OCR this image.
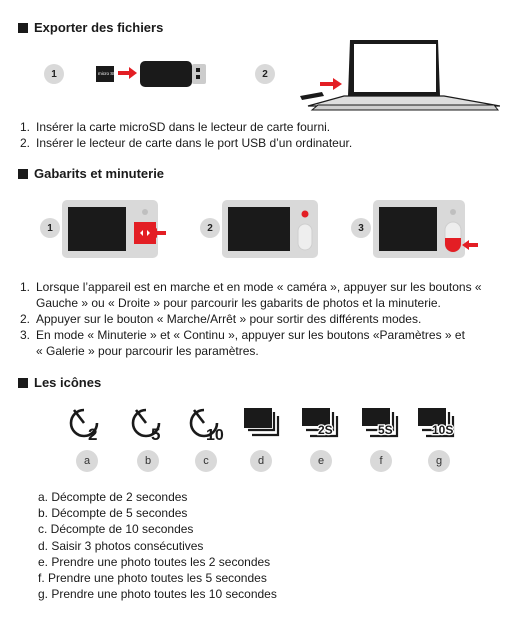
Exporter des fichiers
1	micro SD	2
1. Insérer la carte microSD dans le lecteur de carte fourni.
2. Insérer le lecteur de carte dans le port USB d’un ordinateur.
Gabarits et minuterie
1	2	3
1. Lorsque l’appareil est en marche et en mode « caméra », appuyer sur les boutons «
Gauche » ou « Droite » pour parcourir les gabarits de photos et la minuterie.
2. Appuyer sur le bouton « Marche/Arrêt » pour sortir des différents modes.
3. En mode « Minuterie » et « Continu », appuyer sur les boutons «Paramètres » et
« Galerie » pour parcourir les paramètres.
Les icônes
2	5	10	2S	5S	10S
a	b	c	d	e	f	g
a. Décompte de 2 secondes
b. Décompte de 5 secondes
c. Décompte de 10 secondes
d. Saisir 3 photos consécutives
e. Prendre une photo toutes les 2 secondes
f. Prendre une photo toutes les 5 secondes
g. Prendre une photo toutes les 10 secondes
